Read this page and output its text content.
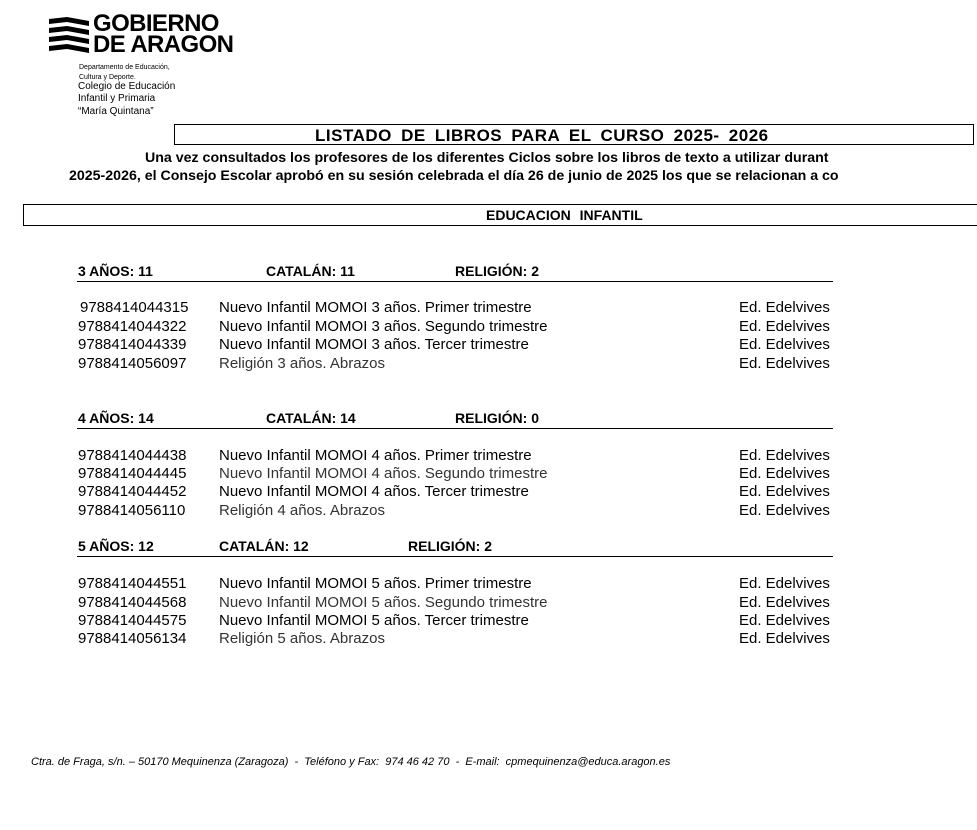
GOBIERNO
DE ARAGON
Departamento de Educación,
Cultura y Deporte.
Colegio de Educación
Infantil y Primaria
“María Quintana”
LISTADO DE LIBROS PARA EL CURSO 2025- 2026
Una vez consultados los profesores de los diferentes Ciclos sobre los libros de texto a utilizar durant
2025-2026, el Consejo Escolar aprobó en su sesión celebrada el día 26 de junio de 2025 los que se relacionan a co
EDUCACION INFANTIL
3 AÑOS: 11	CATALÁN: 11	RELIGIÓN: 2
9788414044315 Nuevo Infantil MOMOI 3 años. Primer trimestre	Ed. Edelvives
9788414044322 Nuevo Infantil MOMOI 3 años. Segundo trimestre	Ed. Edelvives
9788414044339 Nuevo Infantil MOMOI 3 años. Tercer trimestre	Ed. Edelvives
9788414056097 Religión 3 años. Abrazos	Ed. Edelvives
4 AÑOS: 14	CATALÁN: 14	RELIGIÓN: 0
9788414044438 Nuevo Infantil MOMOI 4 años. Primer trimestre	Ed. Edelvives
9788414044445 Nuevo Infantil MOMOI 4 años. Segundo trimestre	Ed. Edelvives
9788414044452 Nuevo Infantil MOMOI 4 años. Tercer trimestre	Ed. Edelvives
9788414056110 Religión 4 años. Abrazos	Ed. Edelvives
5 AÑOS: 12	CATALÁN: 12	RELIGIÓN: 2
9788414044551 Nuevo Infantil MOMOI 5 años. Primer trimestre	Ed. Edelvives
9788414044568 Nuevo Infantil MOMOI 5 años. Segundo trimestre	Ed. Edelvives
9788414044575 Nuevo Infantil MOMOI 5 años. Tercer trimestre	Ed. Edelvives
9788414056134 Religión 5 años. Abrazos	Ed. Edelvives
Ctra. de Fraga, s/n. – 50170 Mequinenza (Zaragoza)  -  Teléfono y Fax:  974 46 42 70  -  E-mail:  cpmequinenza@educa.aragon.es
